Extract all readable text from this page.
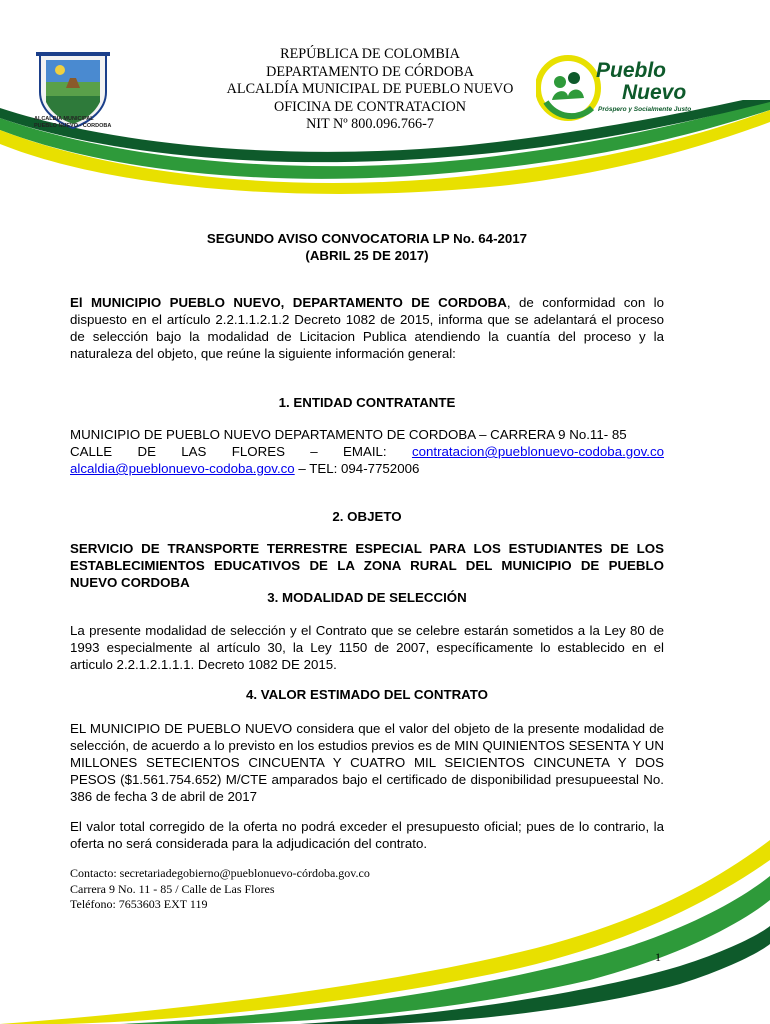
ALCALDIA MUNICIPAL
PUEBLO NUEVO - CORDOBA
REPÚBLICA DE COLOMBIA
DEPARTAMENTO DE CÓRDOBA
ALCALDÍA MUNICIPAL DE PUEBLO NUEVO
OFICINA DE CONTRATACION
NIT Nº 800.096.766-7
Pueblo
Nuevo
Próspero y Socialmente Justo
SEGUNDO AVISO CONVOCATORIA LP No. 64-2017
(ABRIL 25 DE 2017)
El MUNICIPIO PUEBLO NUEVO, DEPARTAMENTO DE CORDOBA, de conformidad con lo dispuesto en el artículo 2.2.1.1.2.1.2 Decreto 1082 de 2015, informa que se adelantará el proceso de selección bajo la modalidad de Licitacion Publica atendiendo la cuantía del proceso y la naturaleza del objeto, que reúne la siguiente información general:
1. ENTIDAD CONTRATANTE
MUNICIPIO DE PUEBLO NUEVO DEPARTAMENTO DE CORDOBA – CARRERA 9 No.11- 85
CALLE DE LAS FLORES – EMAIL: contratacion@pueblonuevo-codoba.gov.co
alcaldia@pueblonuevo-codoba.gov.co – TEL: 094-7752006
2. OBJETO
SERVICIO DE TRANSPORTE TERRESTRE ESPECIAL PARA LOS ESTUDIANTES DE LOS ESTABLECIMIENTOS EDUCATIVOS DE LA ZONA RURAL DEL MUNICIPIO DE PUEBLO NUEVO CORDOBA
3. MODALIDAD DE SELECCIÓN
La presente modalidad de selección y el Contrato que se celebre estarán sometidos a la Ley 80 de 1993 especialmente al artículo 30, la Ley 1150 de 2007, específicamente lo establecido en el articulo 2.2.1.2.1.1.1. Decreto 1082 DE 2015.
4. VALOR ESTIMADO DEL CONTRATO
EL MUNICIPIO DE PUEBLO NUEVO considera que el valor del objeto de la presente modalidad de selección, de acuerdo a lo previsto en los estudios previos es de MIN QUINIENTOS SESENTA Y UN MILLONES SETECIENTOS CINCUENTA Y CUATRO MIL SEICIENTOS CINCUNETA Y DOS PESOS ($1.561.754.652) M/CTE amparados bajo el certificado de disponibilidad presupueestal No. 386 de fecha 3 de abril de 2017
El valor total corregido de la oferta no podrá exceder el presupuesto oficial; pues de lo contrario, la oferta no será considerada para la adjudicación del contrato.
Contacto: secretariadegobierno@pueblonuevo-córdoba.gov.co
Carrera 9 No. 11 - 85 / Calle de Las Flores
Teléfono: 7653603 EXT 119
1
